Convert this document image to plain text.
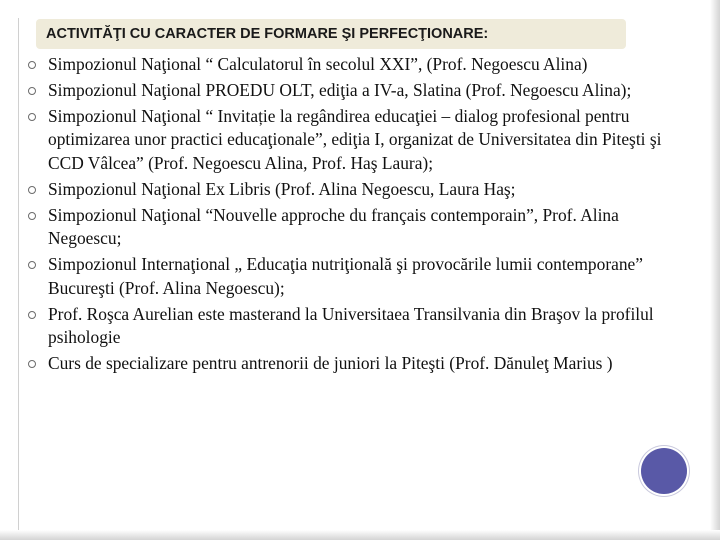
ACTIVITĂŢI CU CARACTER DE FORMARE ŞI PERFECŢIONARE:
Simpozionul Naţional “ Calculatorul în secolul XXI”, (Prof. Negoescu Alina)
Simpozionul Naţional PROEDU OLT, ediţia a IV-a, Slatina (Prof. Negoescu Alina);
Simpozionul Naţional “ Invitație la regândirea educaţiei – dialog profesional pentru optimizarea unor practici educaţionale”, ediţia I, organizat de Universitatea din Piteşti şi CCD Vâlcea” (Prof. Negoescu Alina, Prof. Haş Laura);
Simpozionul Naţional Ex Libris (Prof. Alina Negoescu, Laura Haş;
Simpozionul Naţional “Nouvelle approche du français contemporain”, Prof. Alina Negoescu;
Simpozionul Internaţional „ Educaţia nutriţională şi provocările lumii contemporane” Bucureşti (Prof. Alina Negoescu);
Prof. Roşca Aurelian este masterand la Universitaea Transilvania din Braşov la profilul psihologie
Curs de specializare pentru antrenorii de juniori la Piteşti (Prof. Dănuleţ Marius )
